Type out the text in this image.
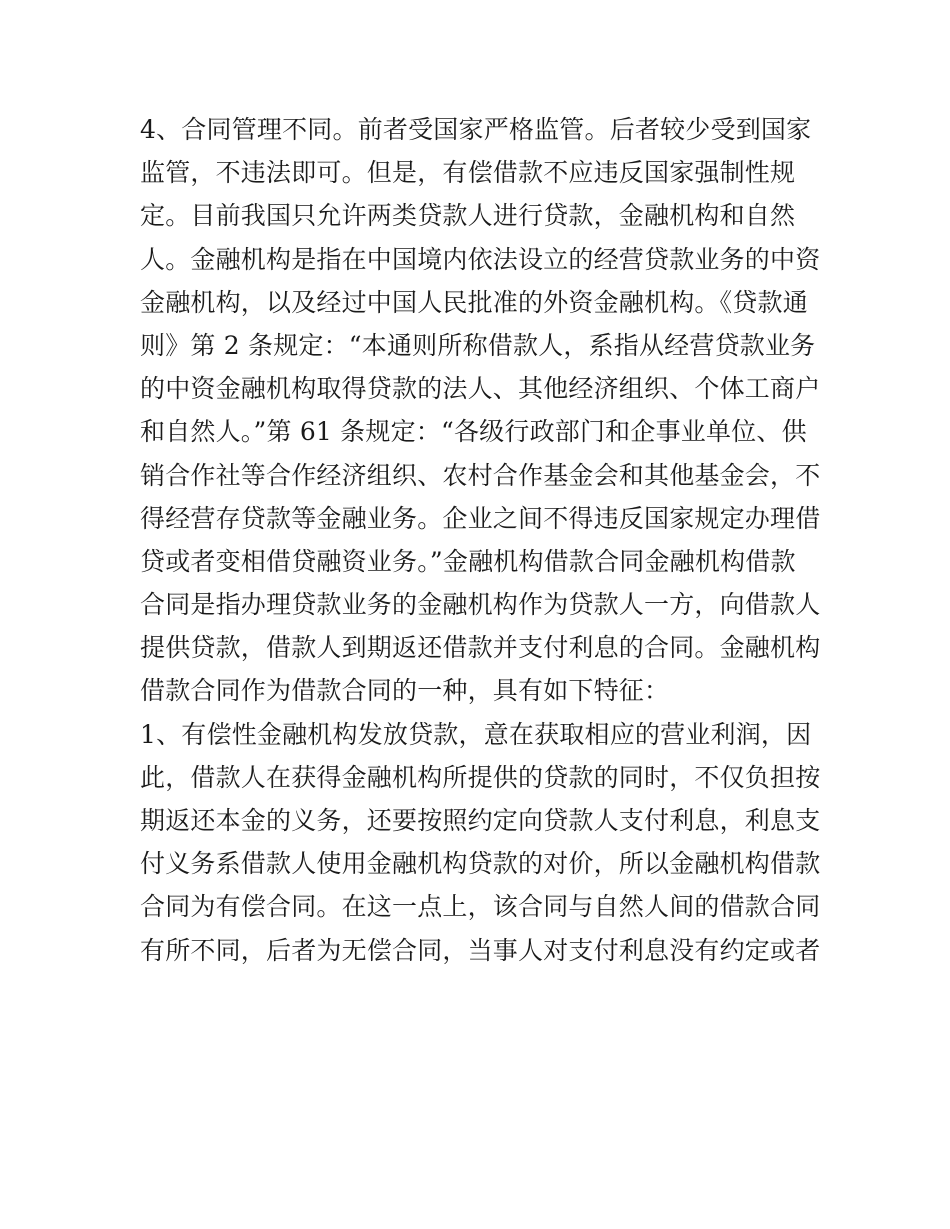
4、合同管理不同。前者受国家严格监管。后者较少受到国家
监管，不违法即可。但是，有偿借款不应违反国家强制性规
定。目前我国只允许两类贷款人进行贷款，金融机构和自然
人。金融机构是指在中国境内依法设立的经营贷款业务的中资
金融机构，以及经过中国人民批准的外资金融机构。《贷款通
则》第 2 条规定：“本通则所称借款人，系指从经营贷款业务
的中资金融机构取得贷款的法人、其他经济组织、个体工商户
和自然人。”第 61 条规定：“各级行政部门和企事业单位、供
销合作社等合作经济组织、农村合作基金会和其他基金会，不
得经营存贷款等金融业务。企业之间不得违反国家规定办理借
贷或者变相借贷融资业务。”金融机构借款合同金融机构借款
合同是指办理贷款业务的金融机构作为贷款人一方，向借款人
提供贷款，借款人到期返还借款并支付利息的合同。金融机构
借款合同作为借款合同的一种，具有如下特征：
1、有偿性金融机构发放贷款，意在获取相应的营业利润，因
此，借款人在获得金融机构所提供的贷款的同时，不仅负担按
期返还本金的义务，还要按照约定向贷款人支付利息，利息支
付义务系借款人使用金融机构贷款的对价，所以金融机构借款
合同为有偿合同。在这一点上，该合同与自然人间的借款合同
有所不同，后者为无偿合同，当事人对支付利息没有约定或者
